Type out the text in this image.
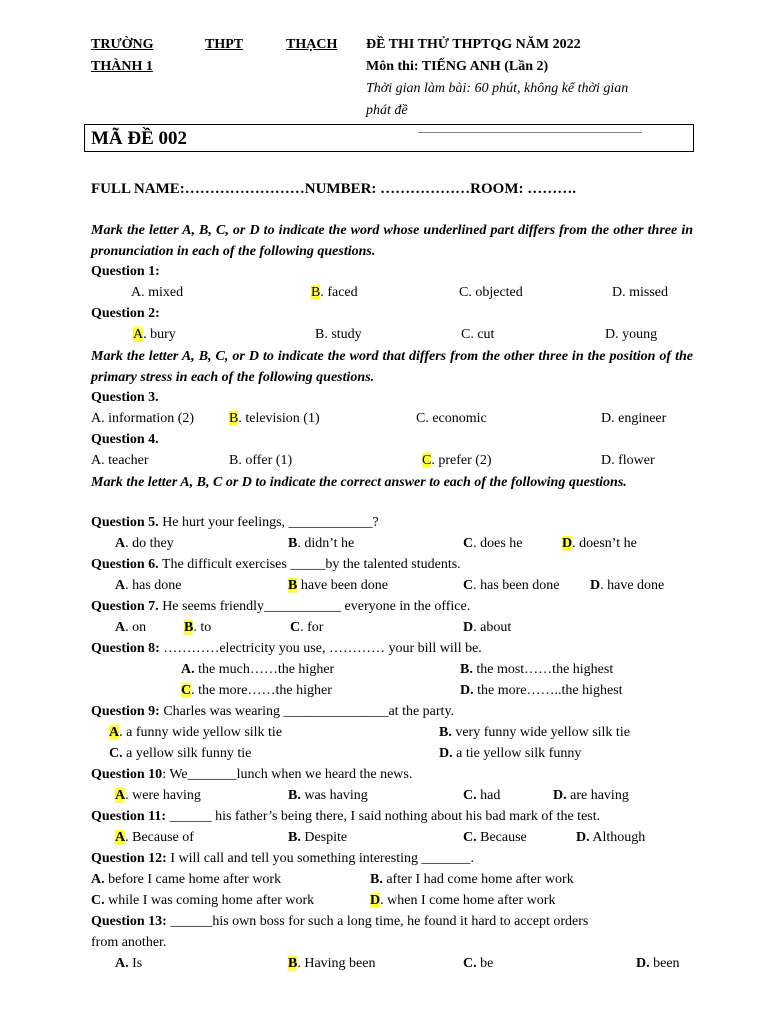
TRƯỜNG	THPT	THẠCH
THÀNH 1
ĐỀ THI THỬ THPTQG NĂM 2022
Môn thi: TIẾNG ANH (Lần 2)
Thời gian làm bài: 60 phút, không kể thời gian
phát đề
MÃ ĐỀ 002
FULL NAME:……………………NUMBER: ………………ROOM: ……….
Mark the letter A, B, C, or D to indicate the word whose underlined part differs from the other three in pronunciation in each of the following questions.
Question 1:
A. mixed	B. faced	C. objected	D. missed
Question 2:
A. bury	B. study	C. cut	D. young
Mark the letter A, B, C, or D to indicate the word that differs from the other three in the position of the primary stress in each of the following questions.
Question 3.
A. information (2) B. television (1)	C. economic	D. engineer
Question 4.
A. teacher	B. offer (1)	C. prefer (2)	D. flower
Mark the letter A, B, C or D to indicate the correct answer to each of the following questions.
Question 5. He hurt your feelings, ____________?
A. do they	B. didn’t he	C. does he	D. doesn’t he
Question 6. The difficult exercises _____by the talented students.
A. has done	B have been done	C. has been done D. have done
Question 7. He seems friendly___________ everyone in the office.
A. on	B. to	C. for	D. about
Question 8: …………electricity you use, ………… your bill will be.
A. the much……the higher	B. the most……the highest
C. the more……the higher	D. the more……..the highest
Question 9: Charles was wearing _______________at the party.
A. a funny wide yellow silk tie	B. very funny wide yellow silk tie
C. a yellow silk funny tie	D. a tie yellow silk funny
Question 10: We_______lunch when we heard the news.
A. were having	B. was having	C. had	D. are having
Question 11: ______ his father’s being there, I said nothing about his bad mark of the test.
A. Because of	B. Despite	C. Because	D. Although
Question 12: I will call and tell you something interesting _______.
A. before I came home after work	B. after I had come home after work
C. while I was coming home after work	D. when I come home after work
Question 13: ______his own boss for such a long time, he found it hard to accept orders
from another.
A. Is	B. Having been	C. be	D. been
